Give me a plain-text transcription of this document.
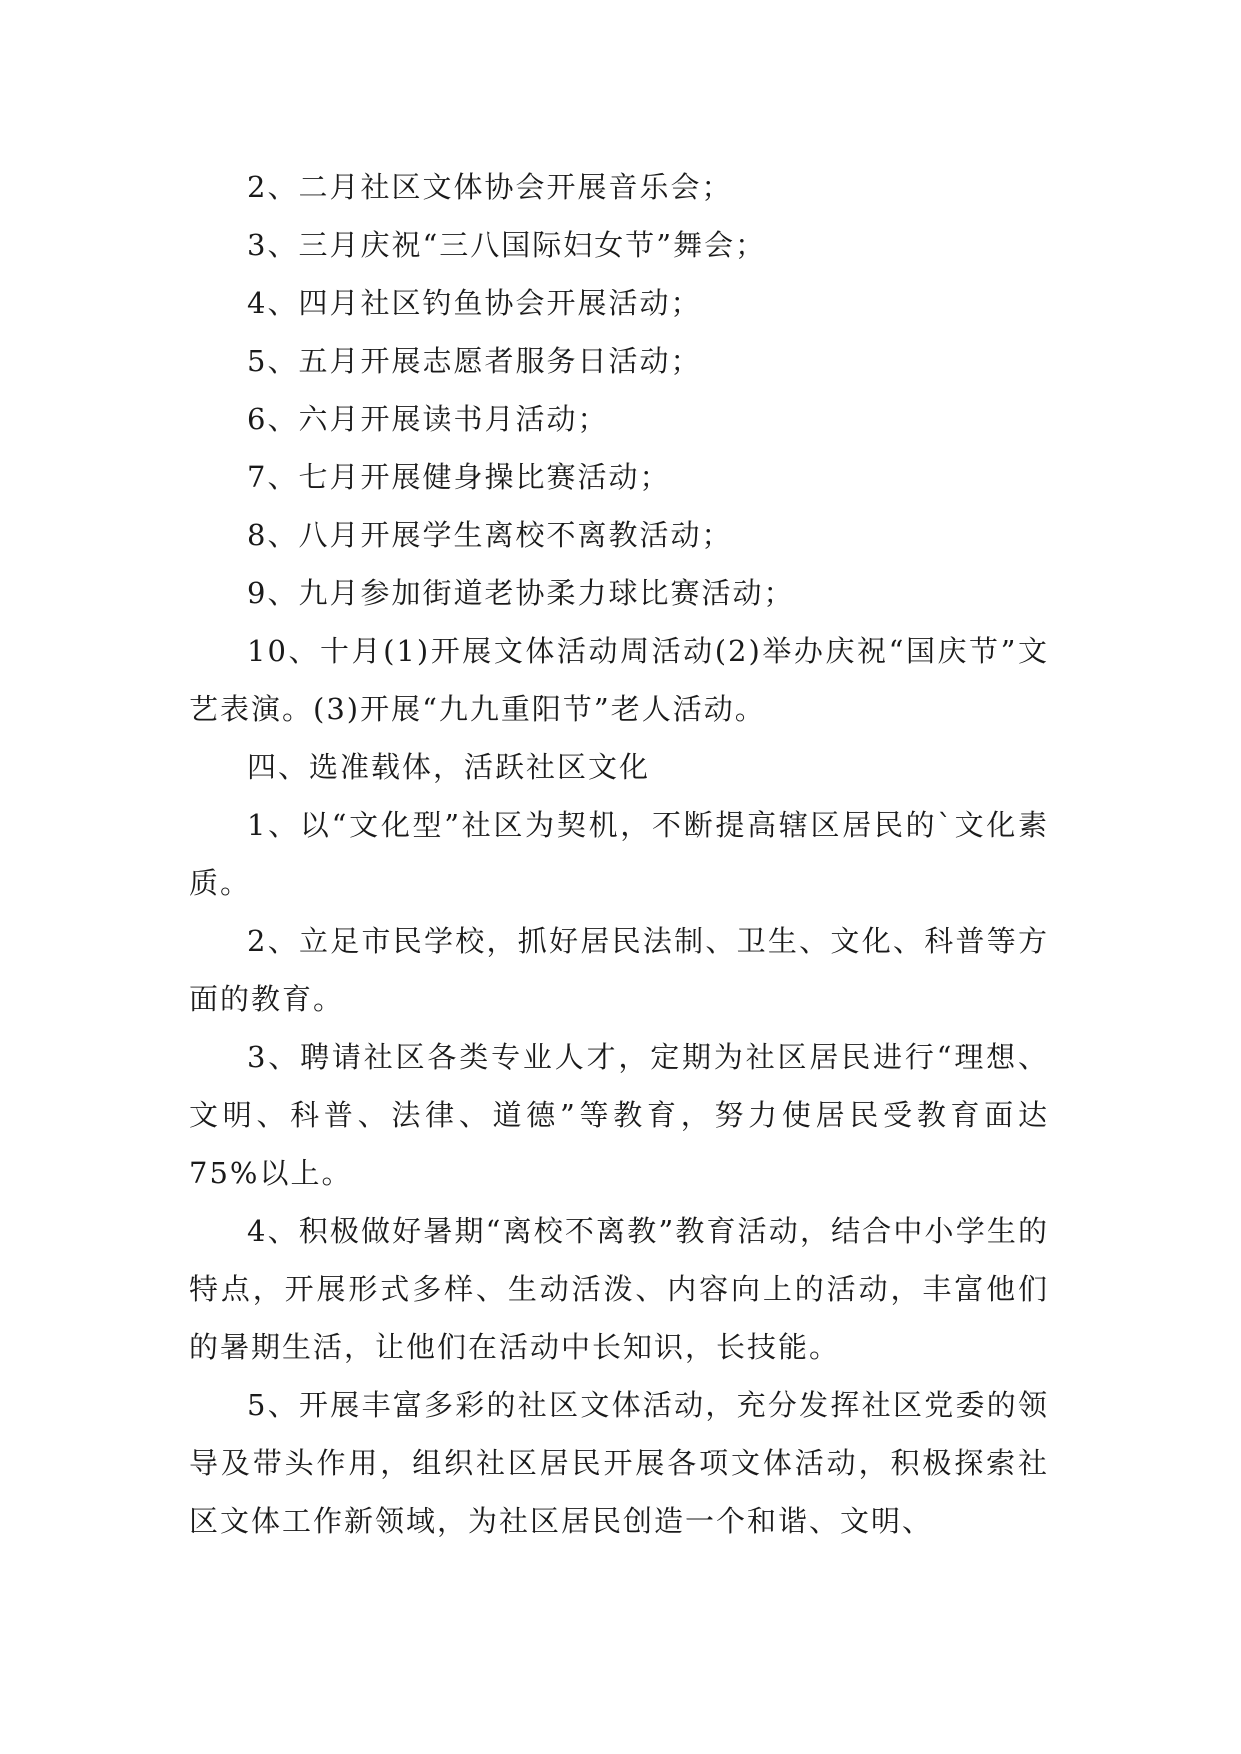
2、二月社区文体协会开展音乐会；

3、三月庆祝“三八国际妇女节”舞会；

4、四月社区钓鱼协会开展活动；

5、五月开展志愿者服务日活动；

6、六月开展读书月活动；

7、七月开展健身操比赛活动；

8、八月开展学生离校不离教活动；

9、九月参加街道老协柔力球比赛活动；

10、十月(1)开展文体活动周活动(2)举办庆祝“国庆节”文艺表演。(3)开展“九九重阳节”老人活动。

四、选准载体，活跃社区文化

1、以“文化型”社区为契机，不断提高辖区居民的`文化素质。

2、立足市民学校，抓好居民法制、卫生、文化、科普等方面的教育。

3、聘请社区各类专业人才，定期为社区居民进行“理想、文明、科普、法律、道德”等教育，努力使居民受教育面达 75%以上。

4、积极做好暑期“离校不离教”教育活动，结合中小学生的特点，开展形式多样、生动活泼、内容向上的活动，丰富他们的暑期生活，让他们在活动中长知识，长技能。

5、开展丰富多彩的社区文体活动，充分发挥社区党委的领导及带头作用，组织社区居民开展各项文体活动，积极探索社区文体工作新领域，为社区居民创造一个和谐、文明、
